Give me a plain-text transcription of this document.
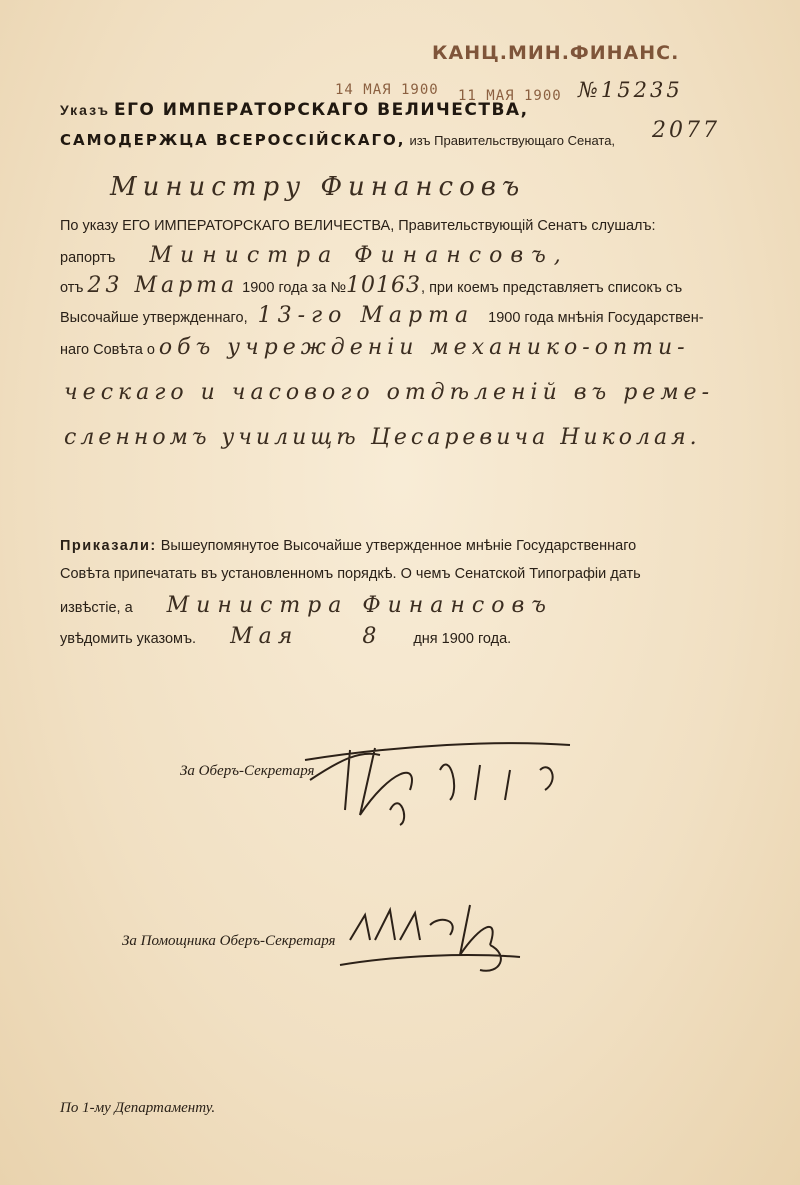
КАНЦ.МИН.ФИНАНС.
14 МАЯ 1900 11 МАЯ 1900 №15235
2077
Указъ ЕГО ИМПЕРАТОРСКАГО ВЕЛИЧЕСТВА,
САМОДЕРЖЦА ВСЕРОССІЙСКАГО, изъ Правительствующаго Сената,
Министру Финансовъ
По указу ЕГО ИМПЕРАТОРСКАГО ВЕЛИЧЕСТВА, Правительствующій Сенатъ слушалъ:
рапортъ Министра Финансовъ,
отъ 23 Марта 1900 года за №10163, при коемъ представляетъ списокъ съ
Высочайше утвержденнаго, 13-го Марта 1900 года мнѣнія Государствен-
наго Совѣта о объ учрежденіи механико-опти-
ческаго и часового отдѣленій въ реме-
сленномъ училищѣ Цесаревича Николая.
Приказали: Вышеупомянутое Высочайше утвержденное мнѣніе Государственнаго
Совѣта припечатать въ установленномъ порядкѣ. О чемъ Сенатской Типографіи дать
извѣстіе, а Министра Финансовъ
увѣдомить указомъ. Мая	8 дня 1900 года.
За Оберъ-Секретаря
За Помощника Оберъ-Секретаря
По 1-му Департаменту.
